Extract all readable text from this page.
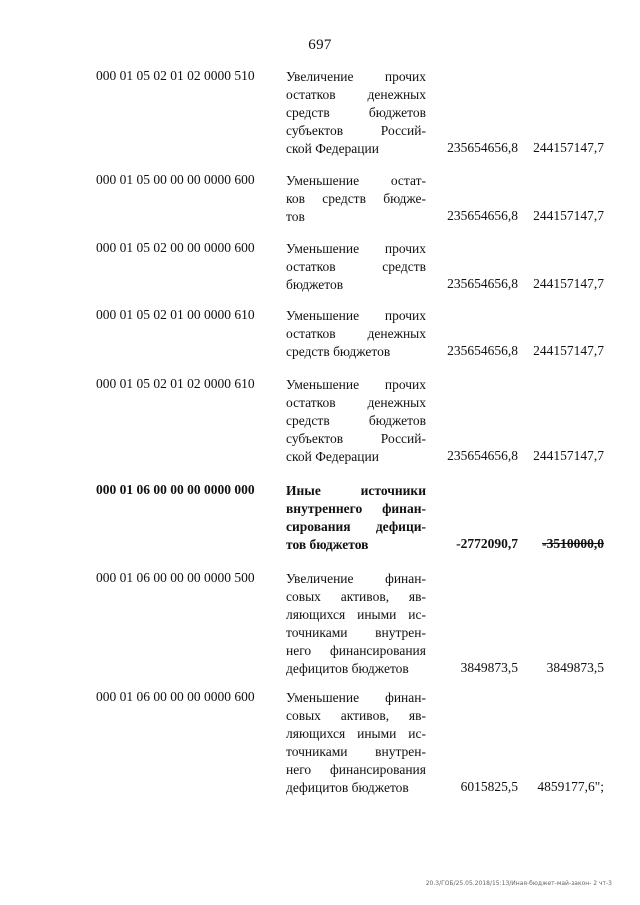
697
000 01 05 02 01 02 0000 510 Увеличение прочих
остатков денежных
средств бюджетов
субъектов Россий-
ской Федерации	235654656,8	244157147,7
000 01 05 00 00 00 0000 600 Уменьшение остат-
ков средств бюдже-
тов	235654656,8	244157147,7
000 01 05 02 00 00 0000 600 Уменьшение прочих
остатков средств
бюджетов	235654656,8	244157147,7
000 01 05 02 01 00 0000 610 Уменьшение прочих
остатков денежных
средств бюджетов	235654656,8	244157147,7
000 01 05 02 01 02 0000 610 Уменьшение прочих
остатков денежных
средств бюджетов
субъектов Россий-
ской Федерации	235654656,8	244157147,7
000 01 06 00 00 00 0000 000 Иные источники
внутреннего финан-
сирования дефици-
тов бюджетов	-2772090,7	-3510000,0
000 01 06 00 00 00 0000 500 Увеличение финан-
совых активов, яв-
ляющихся иными ис-
точниками внутрен-
него финансирования
дефицитов бюджетов	3849873,5	3849873,5
000 01 06 00 00 00 0000 600 Уменьшение финан-
совых активов, яв-
ляющихся иными ис-
точниками внутрен-
него финансирования
дефицитов бюджетов	6015825,5	4859177,6";
20.3/ГОБ/25.05.2018/15:13/Иная-бюджет-май-закон- 2 чт-3
